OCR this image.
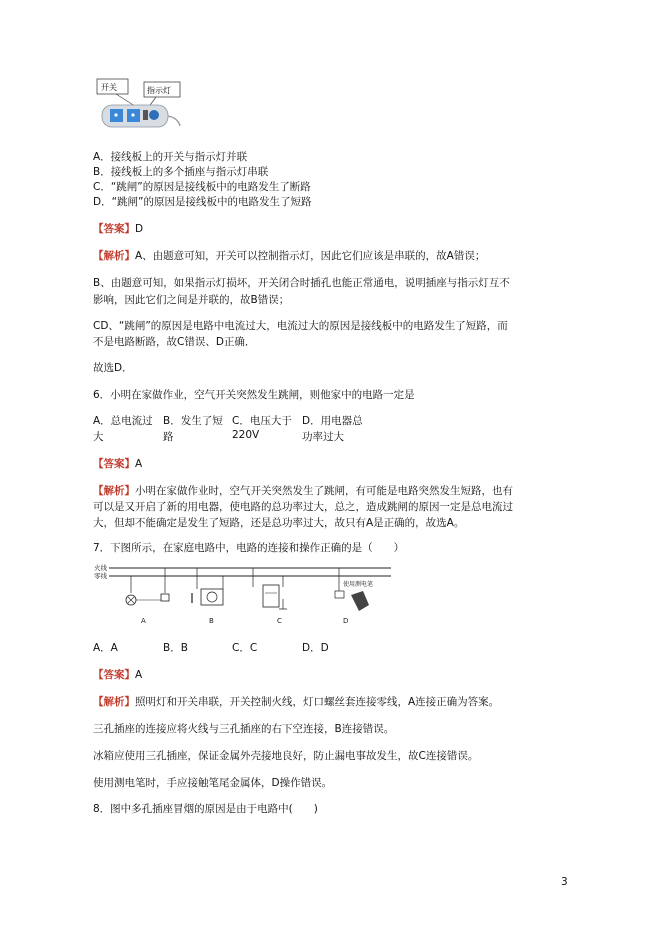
开关	指示灯
A．接线板上的开关与指示灯并联
B．接线板上的多个插座与指示灯串联
C．“跳闸”的原因是接线板中的电路发生了断路
D．“跳闸”的原因是接线板中的电路发生了短路
【答案】D
【解析】A、由题意可知，开关可以控制指示灯，因此它们应该是串联的，故A错误；
B、由题意可知，如果指示灯损坏，开关闭合时插孔也能正常通电，说明插座与指示灯互不
影响，因此它们之间是并联的，故B错误；
CD、“跳闸”的原因是电路中电流过大，电流过大的原因是接线板中的电路发生了短路，而
不是电路断路，故C错误、D正确．
故选D．
6．小明在家做作业，空气开关突然发生跳闸，则他家中的电路一定是
A．总电流过 B．发生了短 C．电压大于 D．用电器总
大	路	220V	功率过大
【答案】A
【解析】小明在家做作业时，空气开关突然发生了跳闸，有可能是电路突然发生短路，也有
可以是又开启了新的用电器，使电路的总功率过大，总之，造成跳闸的原因一定是总电流过
大，但却不能确定是发生了短路，还是总功率过大，故只有A是正确的，故选A。
7．下图所示，在家庭电路中，电路的连接和操作正确的是（　　）
火线
零线
使用测电笔
A	B	C	D
A．A	B．B	C．C	D．D
【答案】A
【解析】照明灯和开关串联，开关控制火线，灯口螺丝套连接零线，A连接正确为答案。
三孔插座的连接应将火线与三孔插座的右下空连接，B连接错误。
冰箱应使用三孔插座，保证金属外壳接地良好，防止漏电事故发生，故C连接错误。
使用测电笔时，手应接触笔尾金属体，D操作错误。
8．图中多孔插座冒烟的原因是由于电路中(　　)
3
